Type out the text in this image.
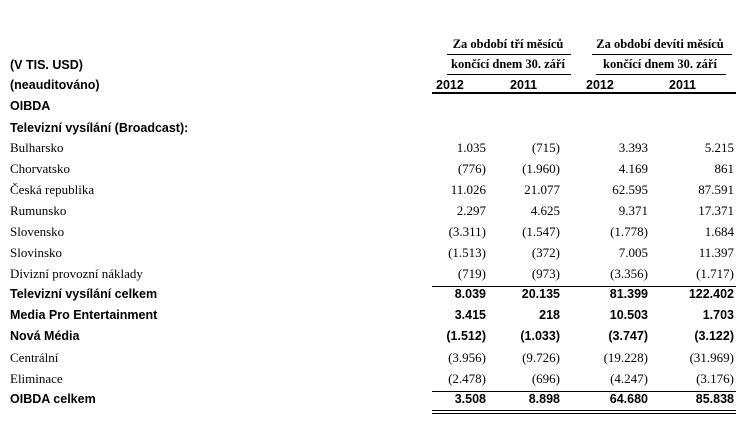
Za období tří měsíců
končící dnem 30. září
Za období devíti měsíců
končící dnem 30. září
(V TIS. USD)
(neauditováno)	2012	2011	2012	2011
OIBDA
Televizní vysílání (Broadcast):
Bulharsko	1.035	(715)	3.393	5.215
Chorvatsko	(776)	(1.960)	4.169	861
Česká republika	11.026	21.077	62.595	87.591
Rumunsko	2.297	4.625	9.371	17.371
Slovensko	(3.311)	(1.547)	(1.778)	1.684
Slovinsko	(1.513)	(372)	7.005	11.397
Divizní provozní náklady	(719)	(973)	(3.356)	(1.717)
Televizní vysílání celkem	8.039	20.135	81.399	122.402
Media Pro Entertainment	3.415	218	10.503	1.703
Nová Média	(1.512)	(1.033)	(3.747)	(3.122)
Centrální	(3.956)	(9.726)	(19.228)	(31.969)
Eliminace	(2.478)	(696)	(4.247)	(3.176)
OIBDA celkem	3.508	8.898	64.680	85.838
